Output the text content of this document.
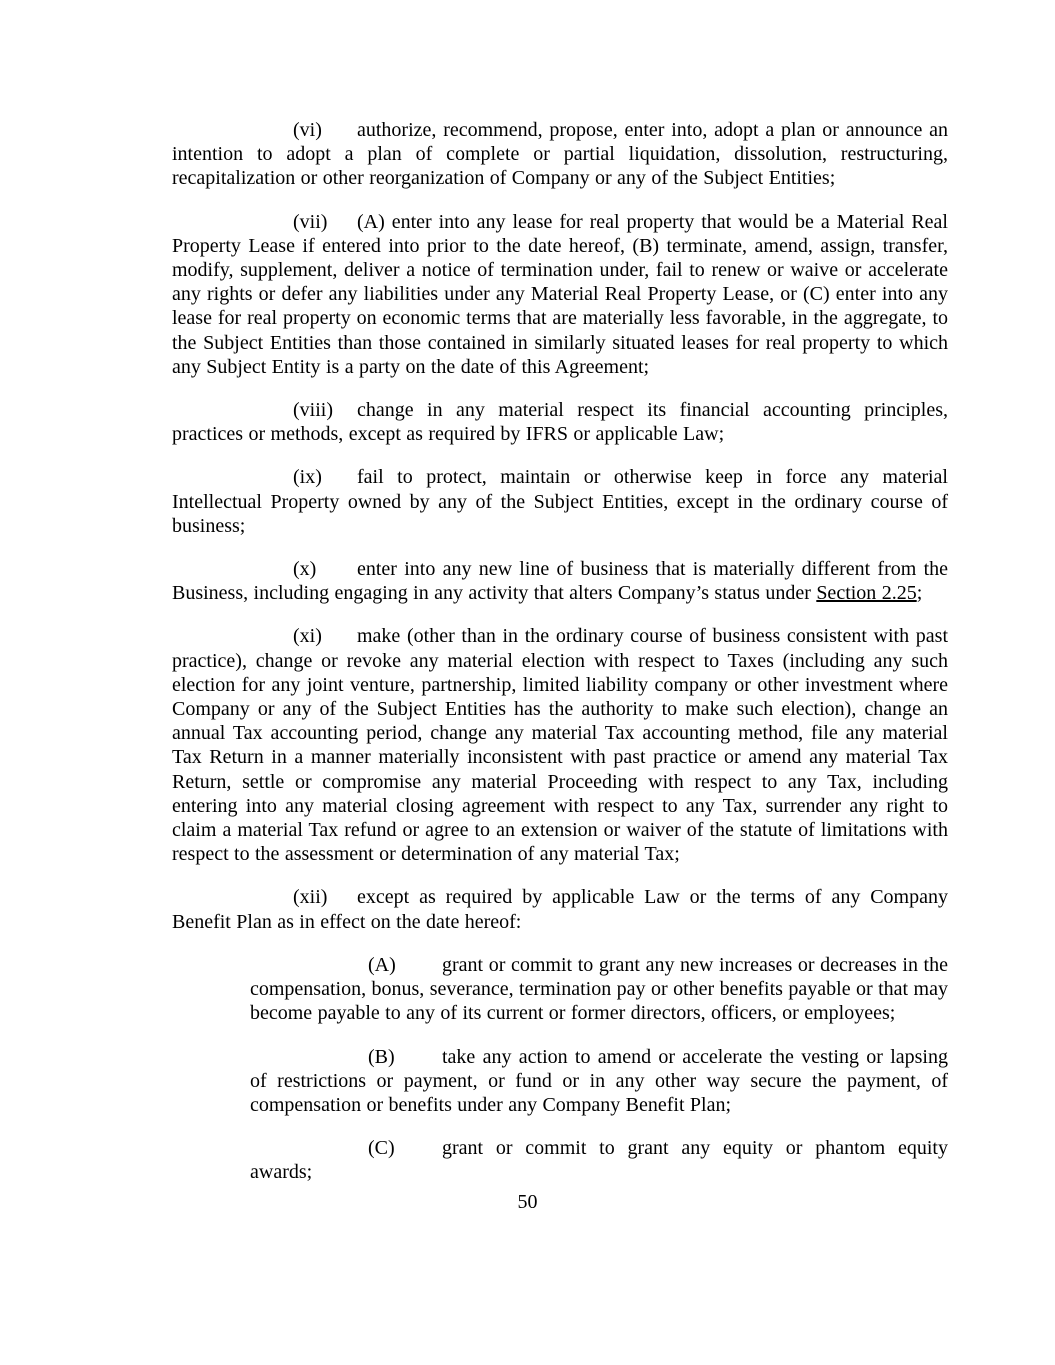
(vi) authorize, recommend, propose, enter into, adopt a plan or announce an intention to adopt a plan of complete or partial liquidation, dissolution, restructuring, recapitalization or other reorganization of Company or any of the Subject Entities;

(vii) (A) enter into any lease for real property that would be a Material Real Property Lease if entered into prior to the date hereof, (B) terminate, amend, assign, transfer, modify, supplement, deliver a notice of termination under, fail to renew or waive or accelerate any rights or defer any liabilities under any Material Real Property Lease, or (C) enter into any lease for real property on economic terms that are materially less favorable, in the aggregate, to the Subject Entities than those contained in similarly situated leases for real property to which any Subject Entity is a party on the date of this Agreement;

(viii) change in any material respect its financial accounting principles, practices or methods, except as required by IFRS or applicable Law;

(ix) fail to protect, maintain or otherwise keep in force any material Intellectual Property owned by any of the Subject Entities, except in the ordinary course of business;

(x) enter into any new line of business that is materially different from the Business, including engaging in any activity that alters Company’s status under Section 2.25;

(xi) make (other than in the ordinary course of business consistent with past practice), change or revoke any material election with respect to Taxes (including any such election for any joint venture, partnership, limited liability company or other investment where Company or any of the Subject Entities has the authority to make such election), change an annual Tax accounting period, change any material Tax accounting method, file any material Tax Return in a manner materially inconsistent with past practice or amend any material Tax Return, settle or compromise any material Proceeding with respect to any Tax, including entering into any material closing agreement with respect to any Tax, surrender any right to claim a material Tax refund or agree to an extension or waiver of the statute of limitations with respect to the assessment or determination of any material Tax;

(xii) except as required by applicable Law or the terms of any Company Benefit Plan as in effect on the date hereof:

(A) grant or commit to grant any new increases or decreases in the compensation, bonus, severance, termination pay or other benefits payable or that may become payable to any of its current or former directors, officers, or employees;

(B) take any action to amend or accelerate the vesting or lapsing of restrictions or payment, or fund or in any other way secure the payment, of compensation or benefits under any Company Benefit Plan;

(C) grant or commit to grant any equity or phantom equity awards;

50
